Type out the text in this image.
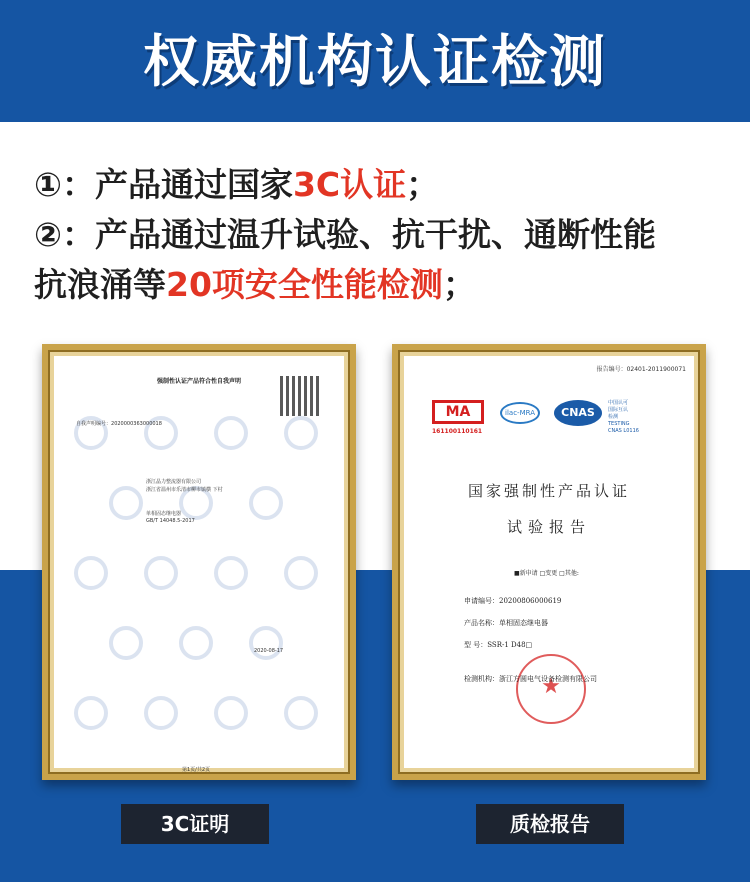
权威机构认证检测
①：产品通过国家3C认证；
②：产品通过温升试验、抗干扰、通断性能
抗浪涌等20项安全性能检测；
强制性认证产品符合性自我声明
自我声明编号：2020000363000018
浙江晶力整流器有限公司
浙江省温州市乐清市柳市镇横 下村
单相固态继电器
GB/T 14048.5-2017
2020-08-17
第1页/共2页
报告编号：02401-2011900071
MA
161100110161
ilac-MRA	CNAS
中国认可
国际互认
检测
TESTING
CNAS L0116
国家强制性产品认证
试验报告
■新申请 □变更 □其他:
申请编号：20200806000619
产品名称：单相固态继电器
型 号：SSR-1 D48□
★
检测机构：浙江方圆电气设备检测有限公司
3C证明	质检报告
